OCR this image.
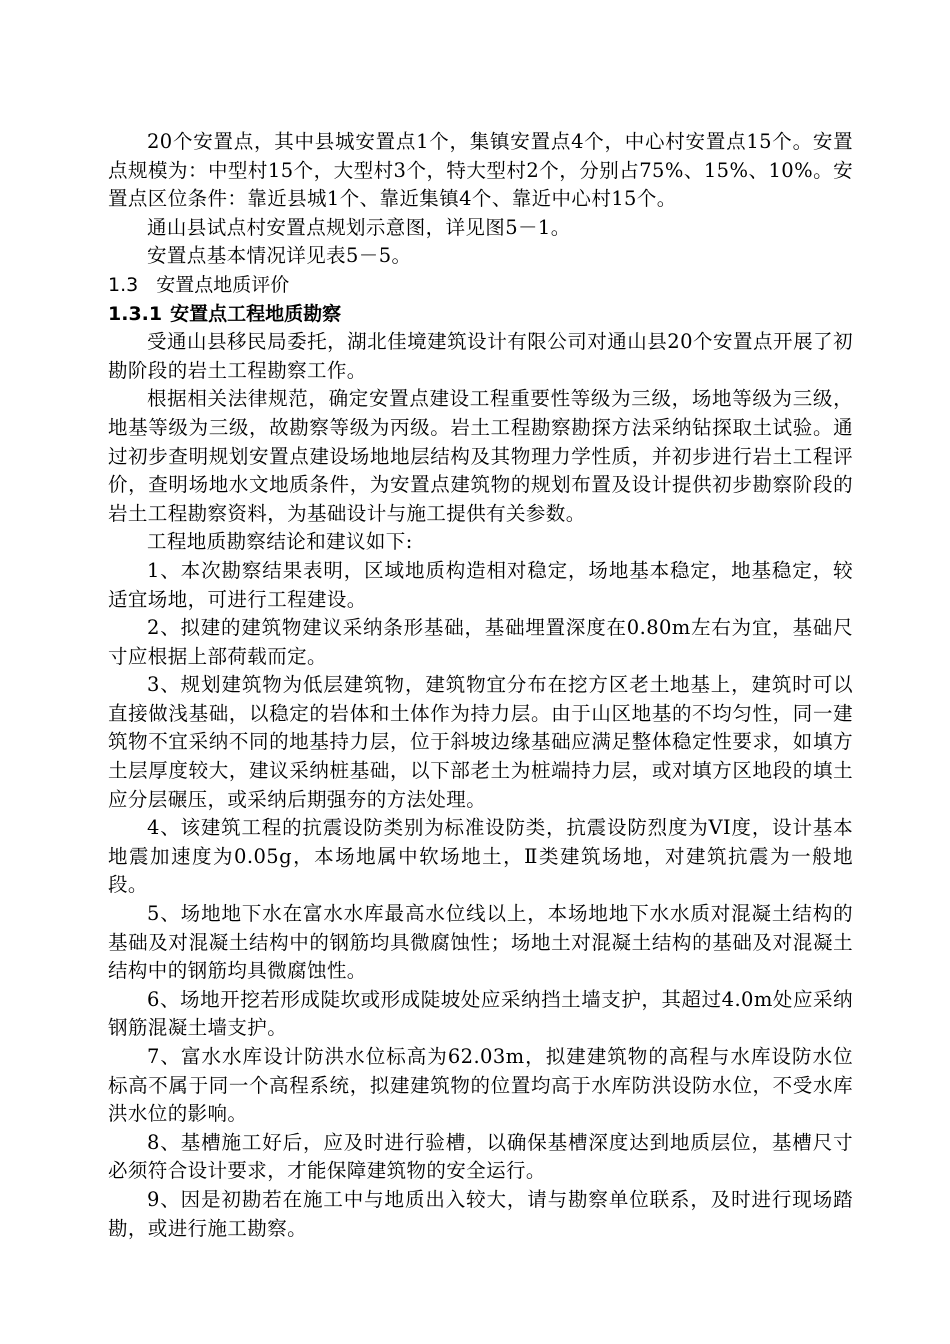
20个安置点，其中县城安置点1个，集镇安置点4个，中心村安置点15个。安置点规模为：中型村15个，大型村3个，特大型村2个，分别占75%、15%、10%。安置点区位条件：靠近县城1个、靠近集镇4个、靠近中心村15个。

通山县试点村安置点规划示意图，详见图5－1。

安置点基本情况详见表5－5。

1.3 安置点地质评价

1.3.1 安置点工程地质勘察

受通山县移民局委托，湖北佳境建筑设计有限公司对通山县20个安置点开展了初勘阶段的岩土工程勘察工作。

根据相关法律规范，确定安置点建设工程重要性等级为三级，场地等级为三级，地基等级为三级，故勘察等级为丙级。岩土工程勘察勘探方法采纳钻探取土试验。通过初步查明规划安置点建设场地地层结构及其物理力学性质，并初步进行岩土工程评价，查明场地水文地质条件，为安置点建筑物的规划布置及设计提供初步勘察阶段的岩土工程勘察资料，为基础设计与施工提供有关参数。

工程地质勘察结论和建议如下:

1、本次勘察结果表明，区域地质构造相对稳定，场地基本稳定，地基稳定，较适宜场地，可进行工程建设。

2、拟建的建筑物建议采纳条形基础，基础埋置深度在0.80m左右为宜，基础尺寸应根据上部荷载而定。

3、规划建筑物为低层建筑物，建筑物宜分布在挖方区老土地基上，建筑时可以直接做浅基础，以稳定的岩体和土体作为持力层。由于山区地基的不均匀性，同一建筑物不宜采纳不同的地基持力层，位于斜坡边缘基础应满足整体稳定性要求，如填方土层厚度较大，建议采纳桩基础，以下部老土为桩端持力层，或对填方区地段的填土应分层碾压，或采纳后期强夯的方法处理。

4、该建筑工程的抗震设防类别为标准设防类，抗震设防烈度为VI度，设计基本地震加速度为0.05g，本场地属中软场地土，Ⅱ类建筑场地，对建筑抗震为一般地段。

5、场地地下水在富水水库最高水位线以上，本场地地下水水质对混凝土结构的基础及对混凝土结构中的钢筋均具微腐蚀性；场地土对混凝土结构的基础及对混凝土结构中的钢筋均具微腐蚀性。

6、场地开挖若形成陡坎或形成陡坡处应采纳挡土墙支护，其超过4.0m处应采纳钢筋混凝土墙支护。

7、富水水库设计防洪水位标高为62.03m，拟建建筑物的高程与水库设防水位标高不属于同一个高程系统，拟建建筑物的位置均高于水库防洪设防水位，不受水库洪水位的影响。

8、基槽施工好后，应及时进行验槽，以确保基槽深度达到地质层位，基槽尺寸必须符合设计要求，才能保障建筑物的安全运行。

9、因是初勘若在施工中与地质出入较大，请与勘察单位联系，及时进行现场踏勘，或进行施工勘察。
